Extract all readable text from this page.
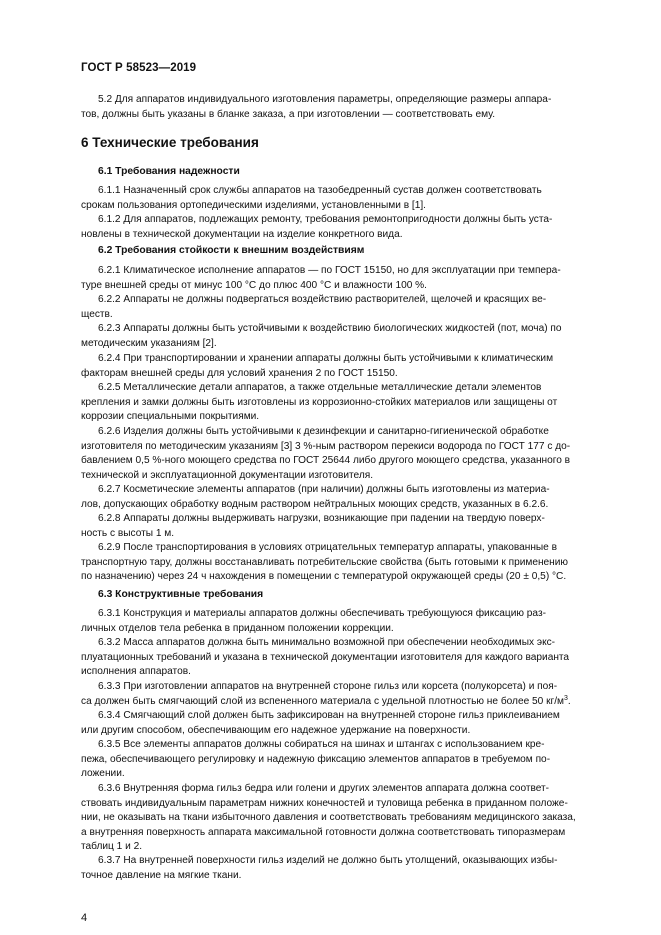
ГОСТ Р 58523—2019
5.2 Для аппаратов индивидуального изготовления параметры, определяющие размеры аппара-
тов, должны быть указаны в бланке заказа, а при изготовлении — соответствовать ему.
6 Технические требования
6.1 Требования надежности
6.1.1 Назначенный срок службы аппаратов на тазобедренный сустав должен соответствовать
срокам пользования ортопедическими изделиями, установленными в [1].
6.1.2 Для аппаратов, подлежащих ремонту, требования ремонтопригодности должны быть уста-
новлены в технической документации на изделие конкретного вида.
6.2 Требования стойкости к внешним воздействиям
6.2.1 Климатическое исполнение аппаратов — по ГОСТ 15150, но для эксплуатации при темпера-
туре внешней среды от минус 100 °С до плюс 400 °С и влажности 100 %.
6.2.2 Аппараты не должны подвергаться воздействию растворителей, щелочей и красящих ве-
ществ.
6.2.3 Аппараты должны быть устойчивыми к воздействию биологических жидкостей (пот, моча) по
методическим указаниям [2].
6.2.4 При транспортировании и хранении аппараты должны быть устойчивыми к климатическим
факторам внешней среды для условий хранения 2 по ГОСТ 15150.
6.2.5 Металлические детали аппаратов, а также отдельные металлические детали элементов
крепления и замки должны быть изготовлены из коррозионно-стойких материалов или защищены от
коррозии специальными покрытиями.
6.2.6 Изделия должны быть устойчивыми к дезинфекции и санитарно-гигиенической обработке
изготовителя по методическим указаниям [3] 3 %-ным раствором перекиси водорода по ГОСТ 177 с до-
бавлением 0,5 %-ного моющего средства по ГОСТ 25644 либо другого моющего средства, указанного в
технической и эксплуатационной документации изготовителя.
6.2.7 Косметические элементы аппаратов (при наличии) должны быть изготовлены из материа-
лов, допускающих обработку водным раствором нейтральных моющих средств, указанных в 6.2.6.
6.2.8 Аппараты должны выдерживать нагрузки, возникающие при падении на твердую поверх-
ность с высоты 1 м.
6.2.9 После транспортирования в условиях отрицательных температур аппараты, упакованные в
транспортную тару, должны восстанавливать потребительские свойства (быть готовыми к применению
по назначению) через 24 ч нахождения в помещении с температурой окружающей среды (20 ± 0,5) °С.
6.3 Конструктивные требования
6.3.1 Конструкция и материалы аппаратов должны обеспечивать требующуюся фиксацию раз-
личных отделов тела ребенка в приданном положении коррекции.
6.3.2 Масса аппаратов должна быть минимально возможной при обеспечении необходимых экс-
плуатационных требований и указана в технической документации изготовителя для каждого варианта
исполнения аппаратов.
6.3.3 При изготовлении аппаратов на внутренней стороне гильз или корсета (полукорсета) и поя-
са должен быть смягчающий слой из вспененного материала с удельной плотностью не более 50 $кг/м^3$.
6.3.4 Смягчающий слой должен быть зафиксирован на внутренней стороне гильз приклеиванием
или другим способом, обеспечивающим его надежное удержание на поверхности.
6.3.5 Все элементы аппаратов должны собираться на шинах и штангах с использованием кре-
пежа, обеспечивающего регулировку и надежную фиксацию элементов аппаратов в требуемом по-
ложении.
6.3.6 Внутренняя форма гильз бедра или голени и других элементов аппарата должна соответ-
ствовать индивидуальным параметрам нижних конечностей и туловища ребенка в приданном положе-
нии, не оказывать на ткани избыточного давления и соответствовать требованиям медицинского заказа,
а внутренняя поверхность аппарата максимальной готовности должна соответствовать типоразмерам
таблиц 1 и 2.
6.3.7 На внутренней поверхности гильз изделий не должно быть утолщений, оказывающих избы-
точное давление на мягкие ткани.
4
